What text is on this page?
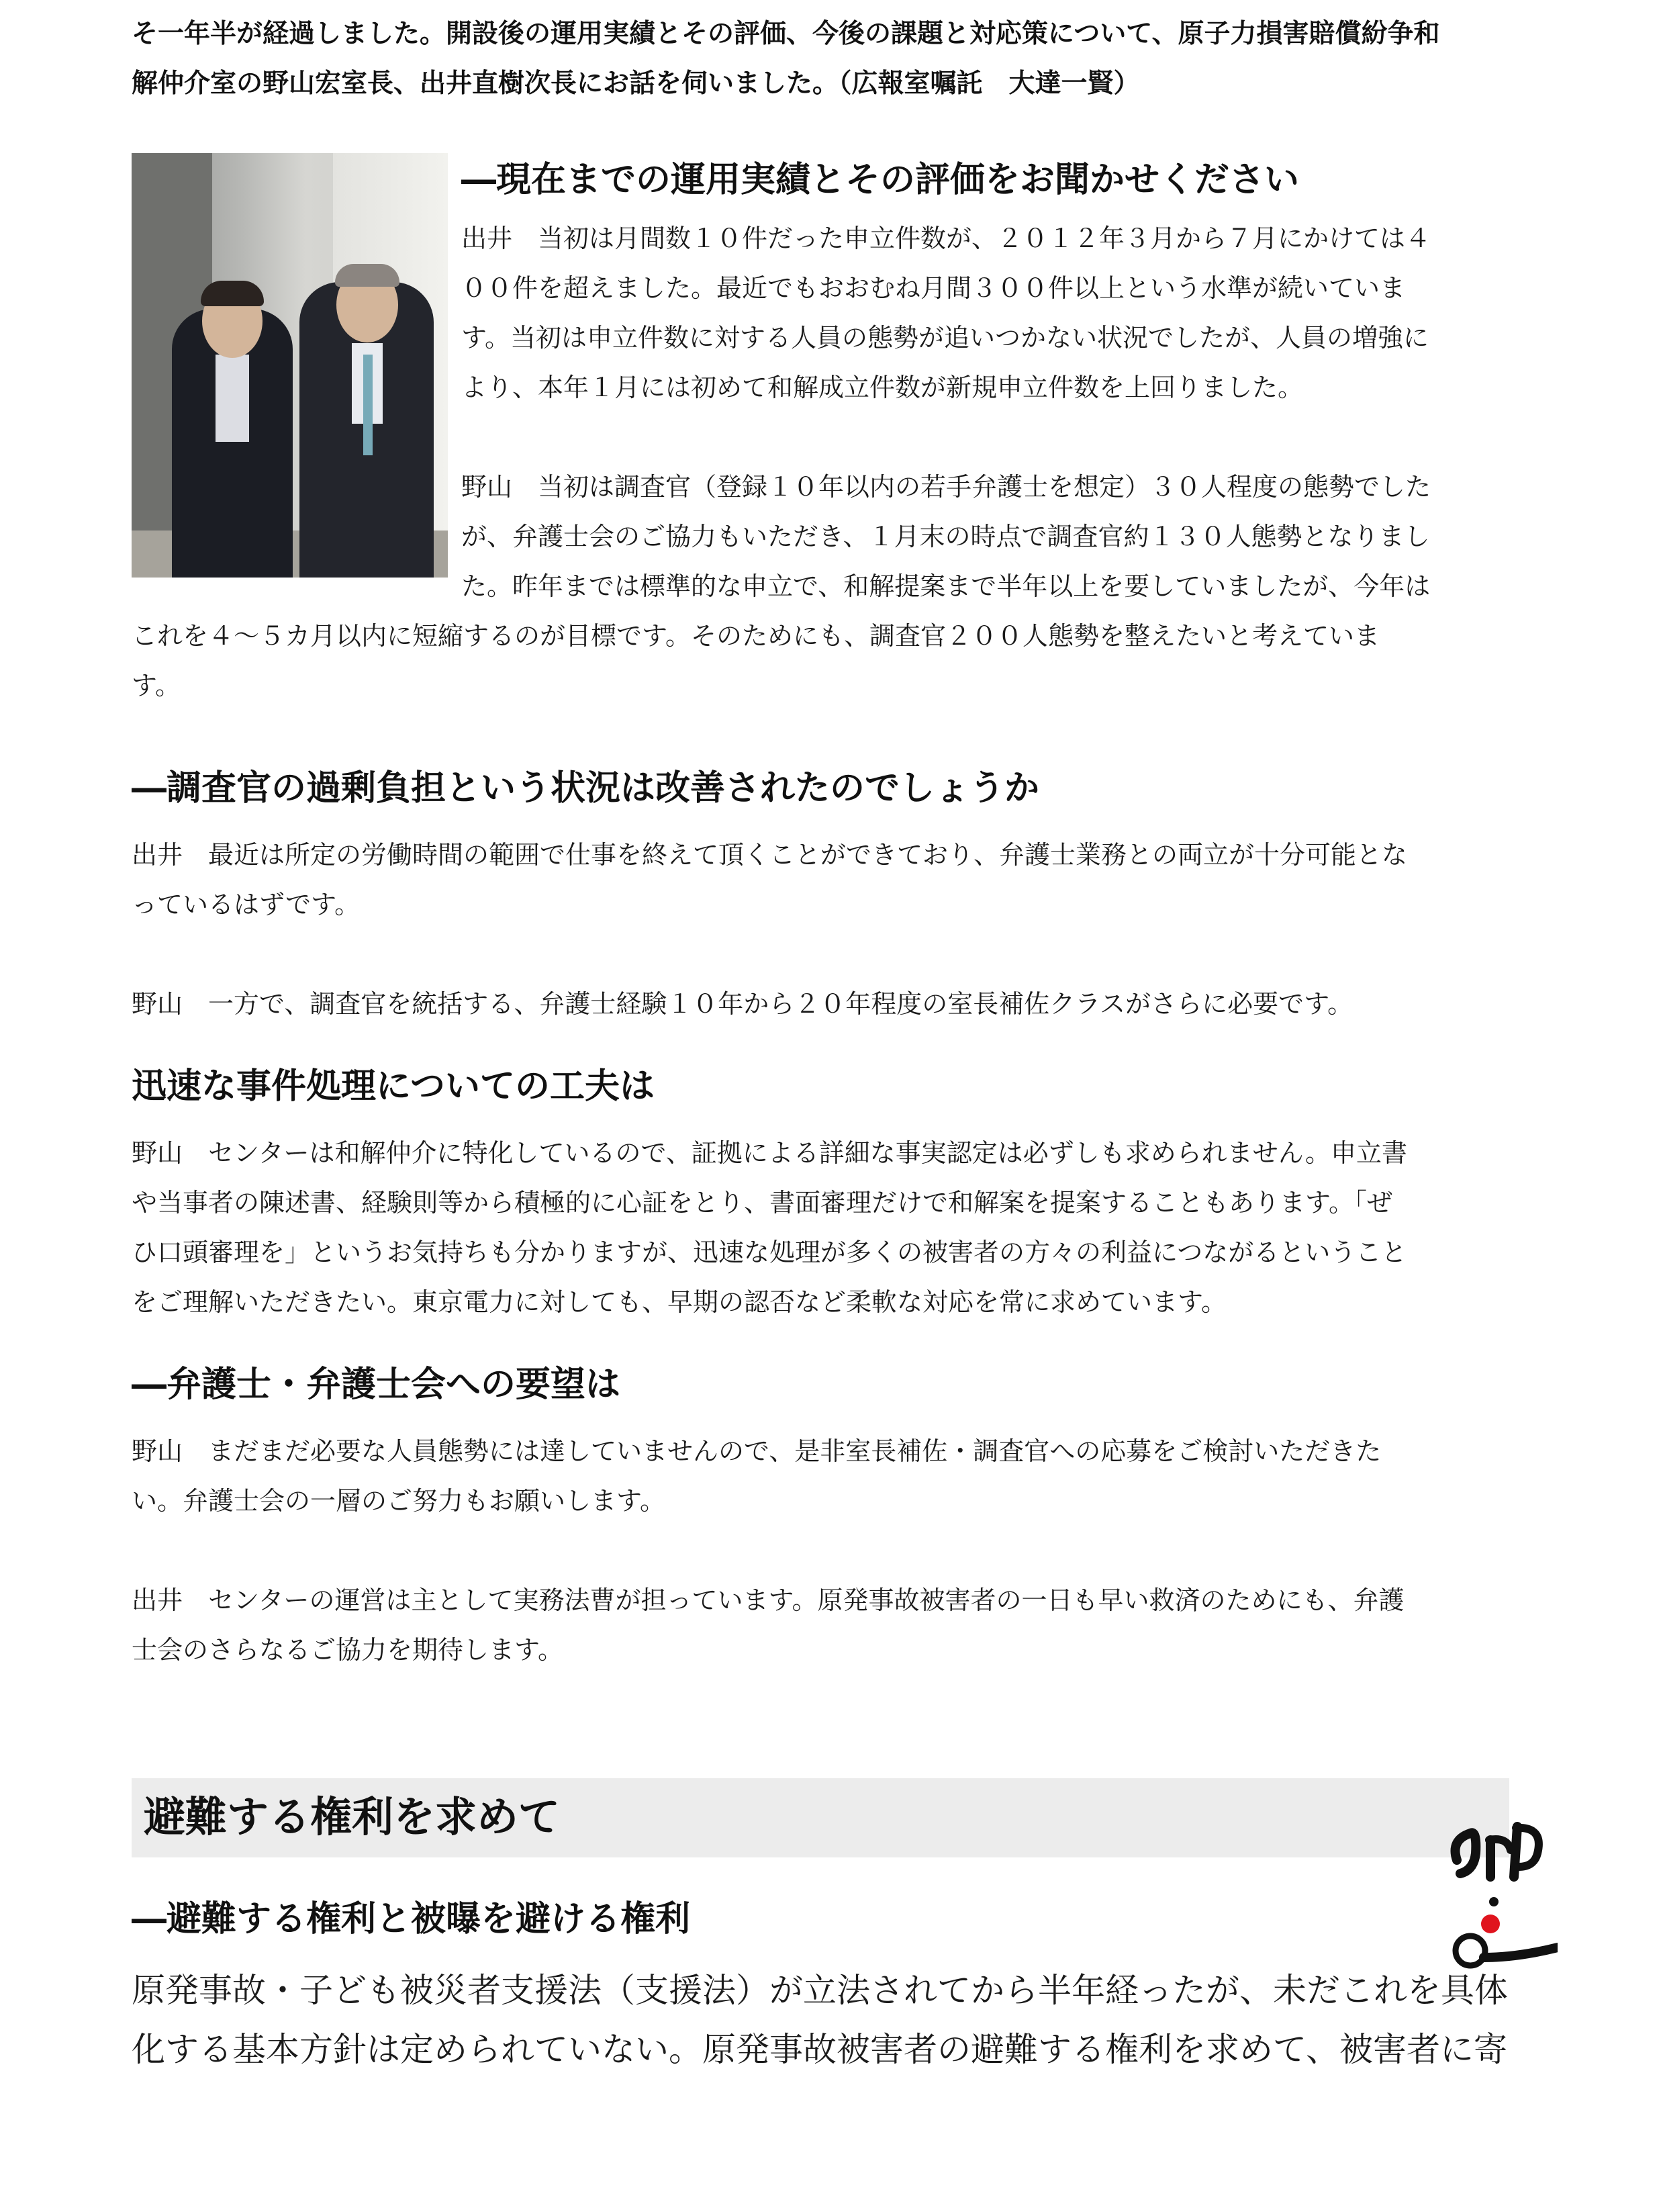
そ一年半が経過しました。開設後の運用実績とその評価、今後の課題と対応策について、原子力損害賠償紛争和
解仲介室の野山宏室長、出井直樹次長にお話を伺いました。（広報室嘱託　大達一賢）

―現在までの運用実績とその評価をお聞かせください

出井　当初は月間数１０件だった申立件数が、２０１２年３月から７月にかけては４
００件を超えました。最近でもおおむね月間３００件以上という水準が続いていま
す。当初は申立件数に対する人員の態勢が追いつかない状況でしたが、人員の増強に
より、本年１月には初めて和解成立件数が新規申立件数を上回りました。

野山　当初は調査官（登録１０年以内の若手弁護士を想定）３０人程度の態勢でした
が、弁護士会のご協力もいただき、１月末の時点で調査官約１３０人態勢となりまし
た。昨年までは標準的な申立で、和解提案まで半年以上を要していましたが、今年は

これを４～５カ月以内に短縮するのが目標です。そのためにも、調査官２００人態勢を整えたいと考えていま
す。

―調査官の過剰負担という状況は改善されたのでしょうか

出井　最近は所定の労働時間の範囲で仕事を終えて頂くことができており、弁護士業務との両立が十分可能とな
っているはずです。

野山　一方で、調査官を統括する、弁護士経験１０年から２０年程度の室長補佐クラスがさらに必要です。

迅速な事件処理についての工夫は

野山　センターは和解仲介に特化しているので、証拠による詳細な事実認定は必ずしも求められません。申立書
や当事者の陳述書、経験則等から積極的に心証をとり、書面審理だけで和解案を提案することもあります。「ぜ
ひ口頭審理を」というお気持ちも分かりますが、迅速な処理が多くの被害者の方々の利益につながるということ
をご理解いただきたい。東京電力に対しても、早期の認否など柔軟な対応を常に求めています。

―弁護士・弁護士会への要望は

野山　まだまだ必要な人員態勢には達していませんので、是非室長補佐・調査官への応募をご検討いただきた
い。弁護士会の一層のご努力もお願いします。

出井　センターの運営は主として実務法曹が担っています。原発事故被害者の一日も早い救済のためにも、弁護
士会のさらなるご協力を期待します。

避難する権利を求めて
―避難する権利と被曝を避ける権利

原発事故・子ども被災者支援法（支援法）が立法されてから半年経ったが、未だこれを具体
化する基本方針は定められていない。原発事故被害者の避難する権利を求めて、被害者に寄
